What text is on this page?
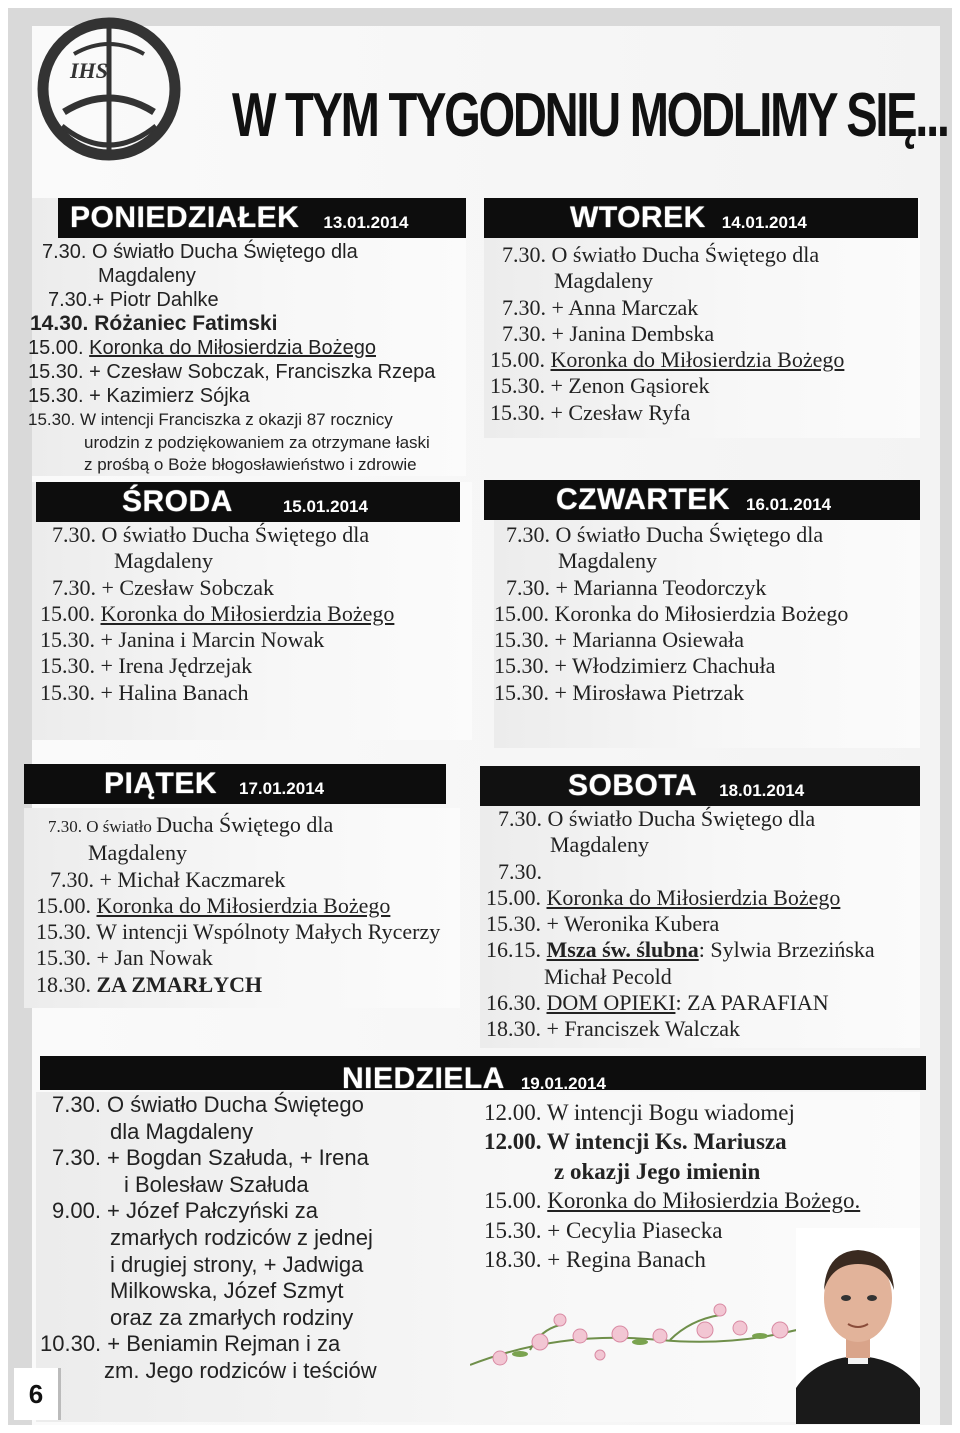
IHS
W TYM TYGODNIU MODLIMY SIĘ...
PONIEDZIAŁEK 13.01.2014
7.30. O światło Ducha Świętego dla
Magdaleny
7.30.+ Piotr Dahlke
14.30. Różaniec Fatimski
15.00. Koronka do Miłosierdzia Bożego
15.30. + Czesław Sobczak, Franciszka Rzepa
15.30. + Kazimierz Sójka
15.30. W intencji Franciszka z okazji 87 rocznicy
urodzin z podziękowaniem za otrzymane łaski
z prośbą o Boże błogosławieństwo i zdrowie
WTOREK 14.01.2014
7.30. O światło Ducha Świętego dla
Magdaleny
7.30. + Anna Marczak
7.30. + Janina Dembska
15.00. Koronka do Miłosierdzia Bożego
15.30. + Zenon Gąsiorek
15.30. + Czesław Ryfa
ŚRODA	15.01.2014
7.30. O światło Ducha Świętego dla
Magdaleny
7.30. + Czesław Sobczak
15.00. Koronka do Miłosierdzia Bożego
15.30. + Janina i Marcin Nowak
15.30. + Irena Jędrzejak
15.30. + Halina Banach
CZWARTEK 16.01.2014
7.30. O światło Ducha Świętego dla
Magdaleny
7.30. + Marianna Teodorczyk
15.00. Koronka do Miłosierdzia Bożego
15.30. + Marianna Osiewała
15.30. + Włodzimierz Chachuła
15.30. + Mirosława Pietrzak
PIĄTEK 17.01.2014
7.30. O światło Ducha Świętego dla
Magdaleny
7.30. + Michał Kaczmarek
15.00. Koronka do Miłosierdzia Bożego
15.30. W intencji Wspólnoty Małych Rycerzy
15.30. + Jan Nowak
18.30. ZA ZMARŁYCH
SOBOTA 18.01.2014
7.30. O światło Ducha Świętego dla
Magdaleny
7.30.
15.00. Koronka do Miłosierdzia Bożego
15.30. + Weronika Kubera
16.15. Msza św. ślubna: Sylwia Brzezińska
Michał Pecold
16.30. DOM OPIEKI: ZA PARAFIAN
18.30. + Franciszek Walczak
NIEDZIELA 19.01.2014
7.30. O światło Ducha Świętego
dla Magdaleny
7.30. + Bogdan Szałuda, + Irena
i Bolesław Szałuda
9.00. + Józef Pałczyński za
zmarłych rodziców z jednej
i drugiej strony, + Jadwiga
Milkowska, Józef Szmyt
oraz za zmarłych rodziny
10.30. + Beniamin Rejman i za
zm. Jego rodziców i teściów
12.00. W intencji Bogu wiadomej
12.00. W intencji Ks. Mariusza
z okazji Jego imienin
15.00. Koronka do Miłosierdzia Bożego.
15.30. + Cecylia Piasecka
18.30. + Regina Banach
6
